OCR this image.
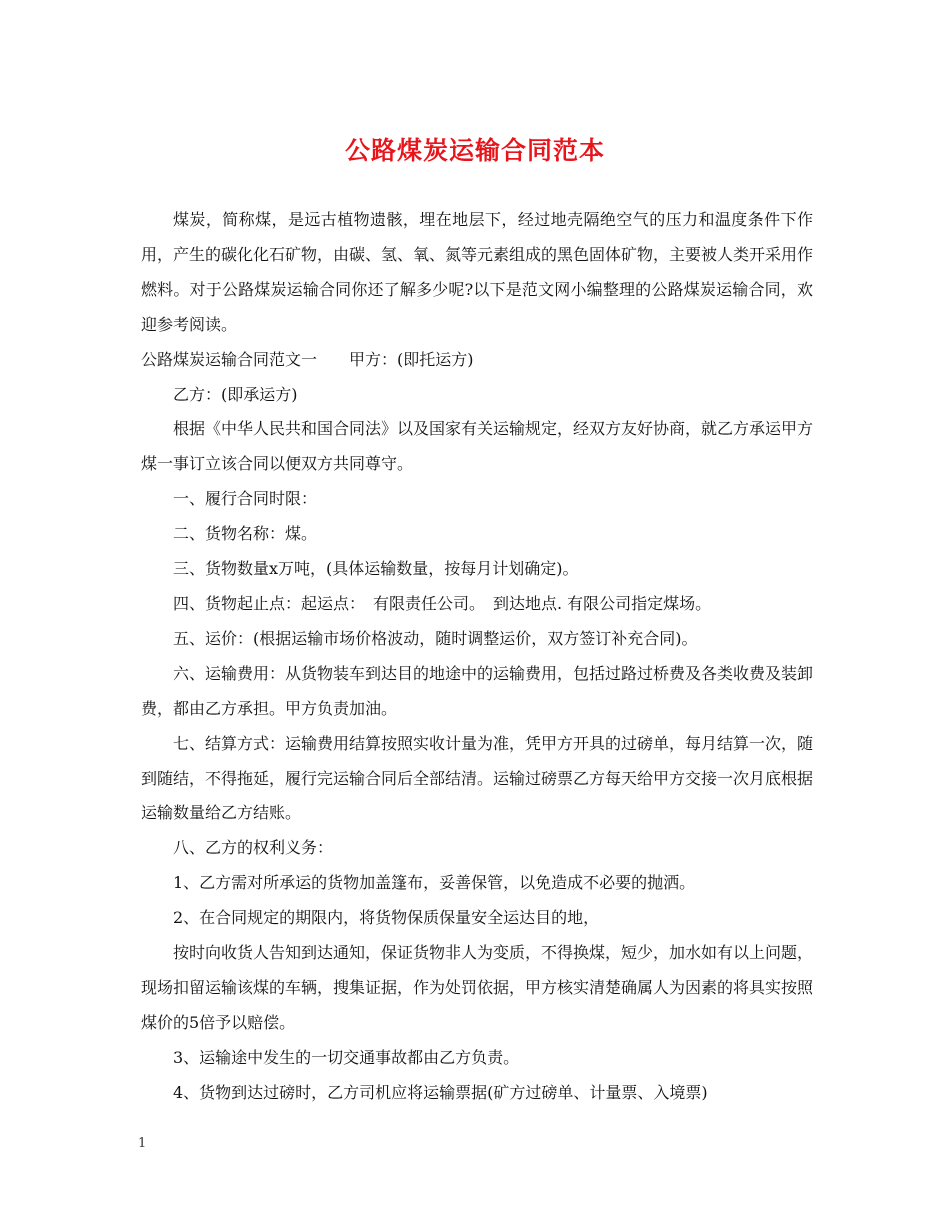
公路煤炭运输合同范本

煤炭，简称煤，是远古植物遗骸，埋在地层下，经过地壳隔绝空气的压力和温度条件下作用，产生的碳化化石矿物，由碳、氢、氧、氮等元素组成的黑色固体矿物，主要被人类开采用作燃料。对于公路煤炭运输合同你还了解多少呢?以下是范文网小编整理的公路煤炭运输合同，欢迎参考阅读。

公路煤炭运输合同范文一　　甲方：(即托运方)

乙方：(即承运方)

根据《中华人民共和国合同法》以及国家有关运输规定，经双方友好协商，就乙方承运甲方煤一事订立该合同以便双方共同尊守。

一、履行合同时限：

二、货物名称：煤。

三、货物数量x万吨，(具体运输数量，按每月计划确定)。

四、货物起止点：起运点：　有限责任公司。　到达地点. 有限公司指定煤场。

五、运价：(根据运输市场价格波动，随时调整运价，双方签订补充合同)。

六、运输费用：从货物装车到达目的地途中的运输费用，包括过路过桥费及各类收费及装卸费，都由乙方承担。甲方负责加油。

七、结算方式：运输费用结算按照实收计量为准，凭甲方开具的过磅单，每月结算一次，随到随结，不得拖延，履行完运输合同后全部结清。运输过磅票乙方每天给甲方交接一次月底根据运输数量给乙方结账。

八、乙方的权利义务：

1、乙方需对所承运的货物加盖篷布，妥善保管，以免造成不必要的抛洒。

2、在合同规定的期限内，将货物保质保量安全运达目的地，

按时向收货人告知到达通知，保证货物非人为变质，不得换煤，短少，加水如有以上问题，现场扣留运输该煤的车辆，搜集证据，作为处罚依据，甲方核实清楚确属人为因素的将具实按照煤价的5倍予以赔偿。

3、运输途中发生的一切交通事故都由乙方负责。

4、货物到达过磅时，乙方司机应将运输票据(矿方过磅单、计量票、入境票)

1
